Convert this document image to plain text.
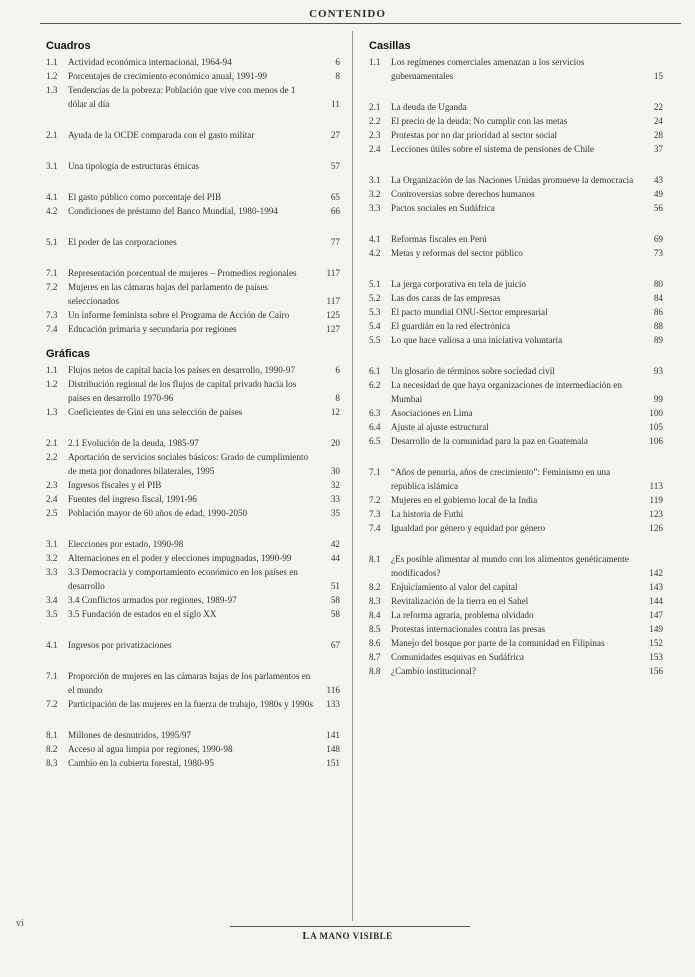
CONTENIDO
Cuadros
1.1	Actividad económica internacional, 1964-94	6
1.2	Porcentajes de crecimiento económico anual, 1991-99	8
1.3	Tendencias de la pobreza: Población que vive con menos de 1 dólar al día	11
2.1	Ayuda de la OCDE comparada con el gasto militar	27
3.1	Una tipología de estructuras étnicas	57
4.1	El gasto público como porcentaje del PIB	65
4.2	Condiciones de préstamo del Banco Mundial, 1980-1994	66
5.1	El poder de las corporaciones	77
7.1	Representación porcentual de mujeres – Promedios regionales	117
7.2	Mujeres en las cámaras bajas del parlamento de países seleccionados	117
7.3	Un informe feminista sobre el Programa de Acción de Cairo	125
7.4	Educación primaria y secundaria por regiones	127
Gráficas
1.1	Flujos netos de capital hacia los países en desarrollo, 1990-97	6
1.2	Distribución regional de los flujos de capital privado hacia los países en desarrollo 1970-96	8
1.3	Coeficientes de Gini en una selección de países	12
2.1	2.1 Evolución de la deuda, 1985-97	20
2.2	Aportación de servicios sociales básicos: Grado de cumplimiento de meta por donadores bilaterales, 1995	30
2.3	Ingresos fiscales y el PIB	32
2.4	Fuentes del ingreso fiscal, 1991-96	33
2.5	Población mayor de 60 años de edad, 1990-2050	35
3.1	Elecciones por estado, 1990-98	42
3.2	Alternaciones en el poder y elecciones impugnadas, 1990-99	44
3.3	3.3 Democracia y comportamiento económico en los países en desarrollo	51
3.4	3.4 Conflictos armados por regiones, 1989-97	58
3.5	3.5 Fundación de estados en el siglo XX	58
4.1	Ingresos por privatizaciones	67
7.1	Proporción de mujeres en las cámaras bajas de los parlamentos en el mundo	116
7.2	Participación de las mujeres en la fuerza de trabajo, 1980s y 1990s	133
8.1	Millones de desnutridos, 1995/97	141
8.2	Acceso al agua limpia por regiones, 1990-98	148
8.3	Cambio en la cubierta forestal, 1980-95	151
Casillas
1.1	Los regímenes comerciales amenazan a los servicios gubernamentales	15
2.1	La deuda de Uganda	22
2.2	El precio de la deuda: No cumplir con las metas	24
2.3	Protestas por no dar prioridad al sector social	28
2.4	Lecciones útiles sobre el sistema de pensiones de Chile	37
3.1	La Organización de las Naciones Unidas promueve la democracia	43
3.2	Controversias sobre derechos humanos	49
3.3	Pactos sociales en Sudáfrica	56
4.1	Reformas fiscales en Perú	69
4.2	Metas y reformas del sector público	73
5.1	La jerga corporativa en tela de juicio	80
5.2	Las dos caras de las empresas	84
5.3	El pacto mundial ONU-Sector empresarial	86
5.4	El guardián en la red electrónica	88
5.5	Lo que hace valiosa a una iniciativa voluntaria	89
6.1	Un glosario de términos sobre sociedad civil	93
6.2	La necesidad de que haya organizaciones de intermediación en Mumbai	99
6.3	Asociaciones en Lima	100
6.4	Ajuste al ajuste estructural	105
6.5	Desarrollo de la comunidad para la paz en Guatemala	106
7.1	“Años de penuria, años de crecimiento”: Feminismo en una república islámica	113
7.2	Mujeres en el gobierno local de la India	119
7.3	La historia de Futhi	123
7.4	Igualdad por género y equidad por género	126
8.1	¿Es posible alimentar al mundo con los alimentos genéticamente modificados?	142
8.2	Enjuiciamiento al valor del capital	143
8.3	Revitalización de la tierra en el Sahel	144
8.4	La reforma agraria, problema olvidado	147
8.5	Protestas internacionales contra las presas	149
8.6	Manejo del bosque por parte de la comunidad en Filipinas	152
8.7	Comunidades esquivas en Sudáfrica	153
8.8	¿Cambio institucional?	156
vi
LA MANO VISIBLE
